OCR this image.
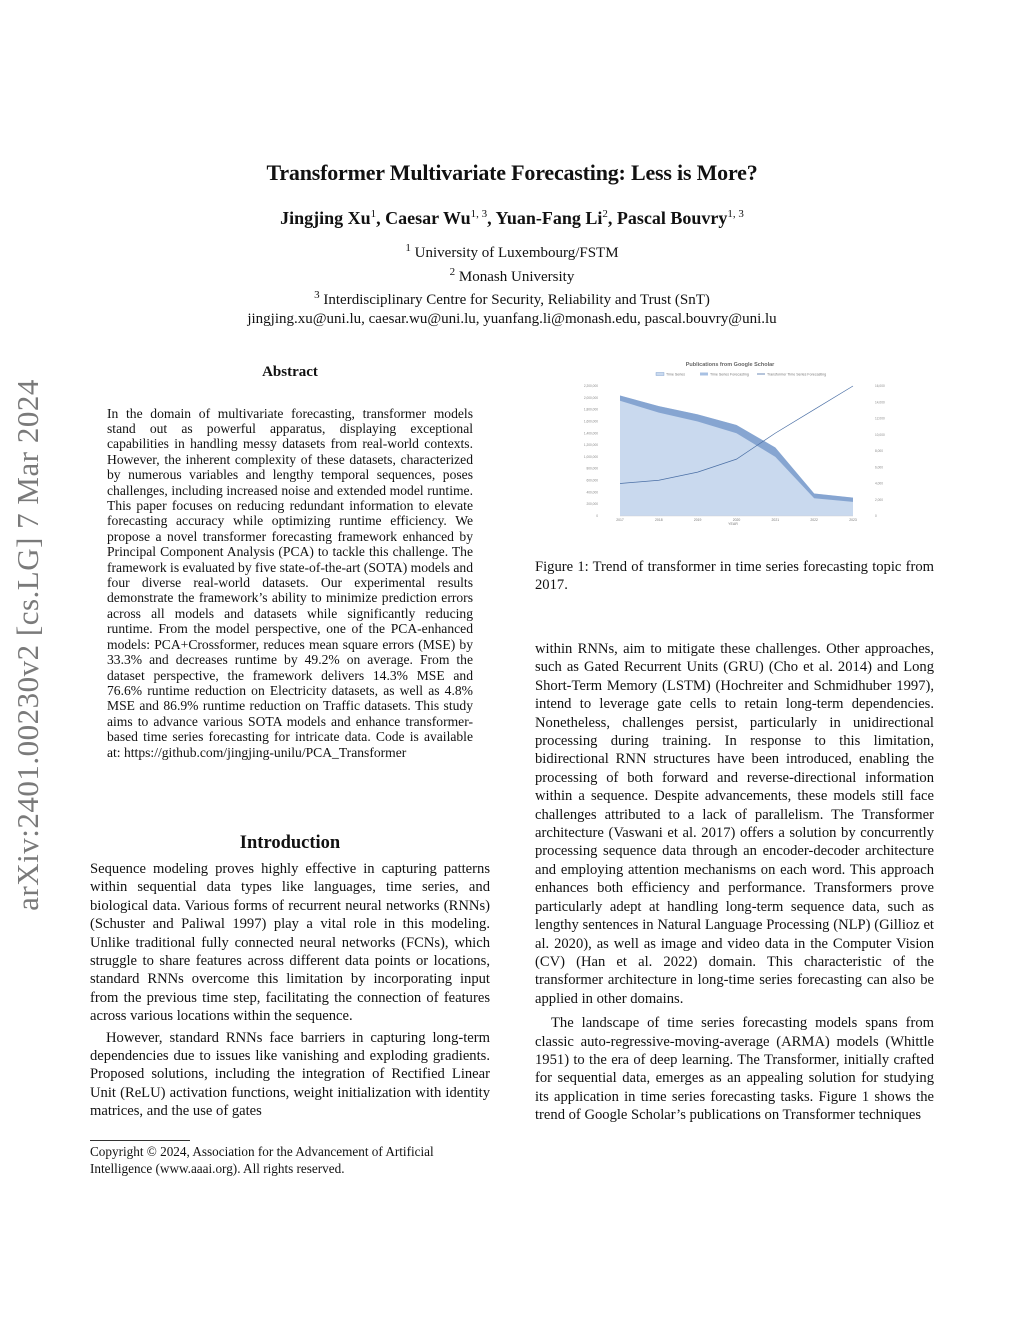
arXiv:2401.00230v2 [cs.LG] 7 Mar 2024
Transformer Multivariate Forecasting: Less is More?
Jingjing Xu$^1$, Caesar Wu$^{1, 3}$, Yuan-Fang Li$^2$, Pascal Bouvry$^{1, 3}$
$^1$ University of Luxembourg/FSTM
$^2$ Monash University
$^3$ Interdisciplinary Centre for Security, Reliability and Trust (SnT)
jingjing.xu@uni.lu, caesar.wu@uni.lu, yuanfang.li@monash.edu, pascal.bouvry@uni.lu
Abstract

In the domain of multivariate forecasting, transformer models stand out as powerful apparatus, displaying exceptional capabilities in handling messy datasets from real-world contexts. However, the inherent complexity of these datasets, characterized by numerous variables and lengthy temporal sequences, poses challenges, including increased noise and extended model runtime. This paper focuses on reducing redundant information to elevate forecasting accuracy while optimizing runtime efficiency. We propose a novel transformer forecasting framework enhanced by Principal Component Analysis (PCA) to tackle this challenge. The framework is evaluated by five state-of-the-art (SOTA) models and four diverse real-world datasets. Our experimental results demonstrate the framework’s ability to minimize prediction errors across all models and datasets while significantly reducing runtime. From the model perspective, one of the PCA-enhanced models: PCA+Crossformer, reduces mean square errors (MSE) by 33.3% and decreases runtime by 49.2% on average. From the dataset perspective, the framework delivers 14.3% MSE and 76.6% runtime reduction on Electricity datasets, as well as 4.8% MSE and 86.9% runtime reduction on Traffic datasets. This study aims to advance various SOTA models and enhance transformer-based time series forecasting for intricate data. Code is available at: https://github.com/jingjing-unilu/PCA_Transformer

Introduction

Sequence modeling proves highly effective in capturing patterns within sequential data types like languages, time series, and biological data. Various forms of recurrent neural networks (RNNs) (Schuster and Paliwal 1997) play a vital role in this modeling. Unlike traditional fully connected neural networks (FCNs), which struggle to share features across different data points or locations, standard RNNs overcome this limitation by incorporating input from the previous time step, facilitating the connection of features across various locations within the sequence.

However, standard RNNs face barriers in capturing long-term dependencies due to issues like vanishing and exploding gradients. Proposed solutions, including the integration of Rectified Linear Unit (ReLU) activation functions, weight initialization with identity matrices, and the use of gates

Copyright © 2024, Association for the Advancement of Artificial Intelligence (www.aaai.org). All rights reserved.
Publications from Google Scholar
Time Series	Time Series Forecasting	Transformer Time Series Forecasting
0
200,000
400,000
600,000
800,000
1,000,000
1,200,000
1,400,000
1,600,000
1,800,000
2,000,000
2,200,000
0
2,000
4,000
6,000
8,000
10,000
12,000
14,000
16,000
2017	2018	2019	2020	2021	2022	2023
YEAR
Figure 1: Trend of transformer in time series forecasting topic from 2017.

within RNNs, aim to mitigate these challenges. Other approaches, such as Gated Recurrent Units (GRU) (Cho et al. 2014) and Long Short-Term Memory (LSTM) (Hochreiter and Schmidhuber 1997), intend to leverage gate cells to retain long-term dependencies. Nonetheless, challenges persist, particularly in unidirectional processing during training. In response to this limitation, bidirectional RNN structures have been introduced, enabling the processing of both forward and reverse-directional information within a sequence. Despite advancements, these models still face challenges attributed to a lack of parallelism. The Transformer architecture (Vaswani et al. 2017) offers a solution by concurrently processing sequence data through an encoder-decoder architecture and employing attention mechanisms on each word. This approach enhances both efficiency and performance. Transformers prove particularly adept at handling long-term sequence data, such as lengthy sentences in Natural Language Processing (NLP) (Gillioz et al. 2020), as well as image and video data in the Computer Vision (CV) (Han et al. 2022) domain. This characteristic of the transformer architecture in long-time series forecasting can also be applied in other domains.

The landscape of time series forecasting models spans from classic auto-regressive-moving-average (ARMA) models (Whittle 1951) to the era of deep learning. The Transformer, initially crafted for sequential data, emerges as an appealing solution for studying its application in time series forecasting tasks. Figure 1 shows the trend of Google Scholar’s publications on Transformer techniques
